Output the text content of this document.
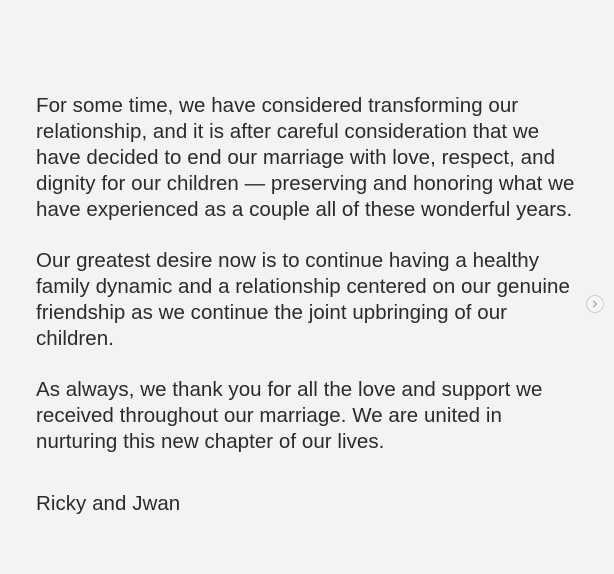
For some time, we have considered transforming our relationship, and it is after careful consideration that we have decided to end our marriage with love, respect, and dignity for our children — preserving and honoring what we have experienced as a couple all of these wonderful years.

Our greatest desire now is to continue having a healthy family dynamic and a relationship centered on our genuine friendship as we continue the joint upbringing of our children.

As always, we thank you for all the love and support we received throughout our marriage. We are united in nurturing this new chapter of our lives.

Ricky and Jwan
